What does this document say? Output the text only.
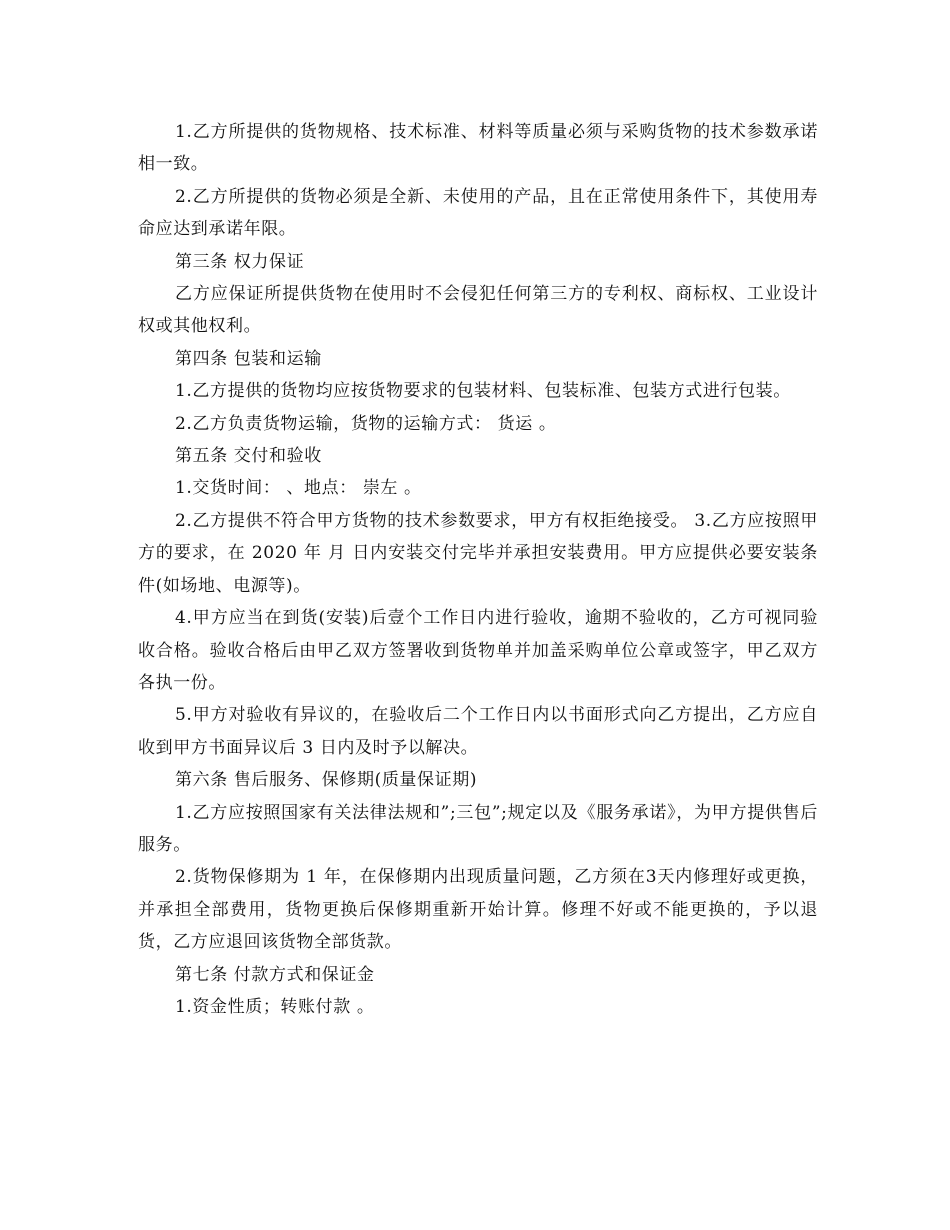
1.乙方所提供的货物规格、技术标准、材料等质量必须与采购货物的技术参数承诺相一致。

2.乙方所提供的货物必须是全新、未使用的产品，且在正常使用条件下，其使用寿命应达到承诺年限。

第三条 权力保证

乙方应保证所提供货物在使用时不会侵犯任何第三方的专利权、商标权、工业设计权或其他权利。

第四条 包装和运输

1.乙方提供的货物均应按货物要求的包装材料、包装标准、包装方式进行包装。

2.乙方负责货物运输，货物的运输方式： 货运 。

第五条 交付和验收

1.交货时间： 、地点： 崇左 。

2.乙方提供不符合甲方货物的技术参数要求，甲方有权拒绝接受。 3.乙方应按照甲方的要求，在 2020 年 月 日内安装交付完毕并承担安装费用。甲方应提供必要安装条件(如场地、电源等)。

4.甲方应当在到货(安装)后壹个工作日内进行验收，逾期不验收的，乙方可视同验收合格。验收合格后由甲乙双方签署收到货物单并加盖采购单位公章或签字，甲乙双方各执一份。

5.甲方对验收有异议的，在验收后二个工作日内以书面形式向乙方提出，乙方应自收到甲方书面异议后 3 日内及时予以解决。

第六条 售后服务、保修期(质量保证期)

1.乙方应按照国家有关法律法规和”;三包”;规定以及《服务承诺》，为甲方提供售后服务。

2.货物保修期为 1 年，在保修期内出现质量问题，乙方须在3天内修理好或更换，并承担全部费用，货物更换后保修期重新开始计算。修理不好或不能更换的，予以退货，乙方应退回该货物全部货款。

第七条 付款方式和保证金

1.资金性质；转账付款 。
